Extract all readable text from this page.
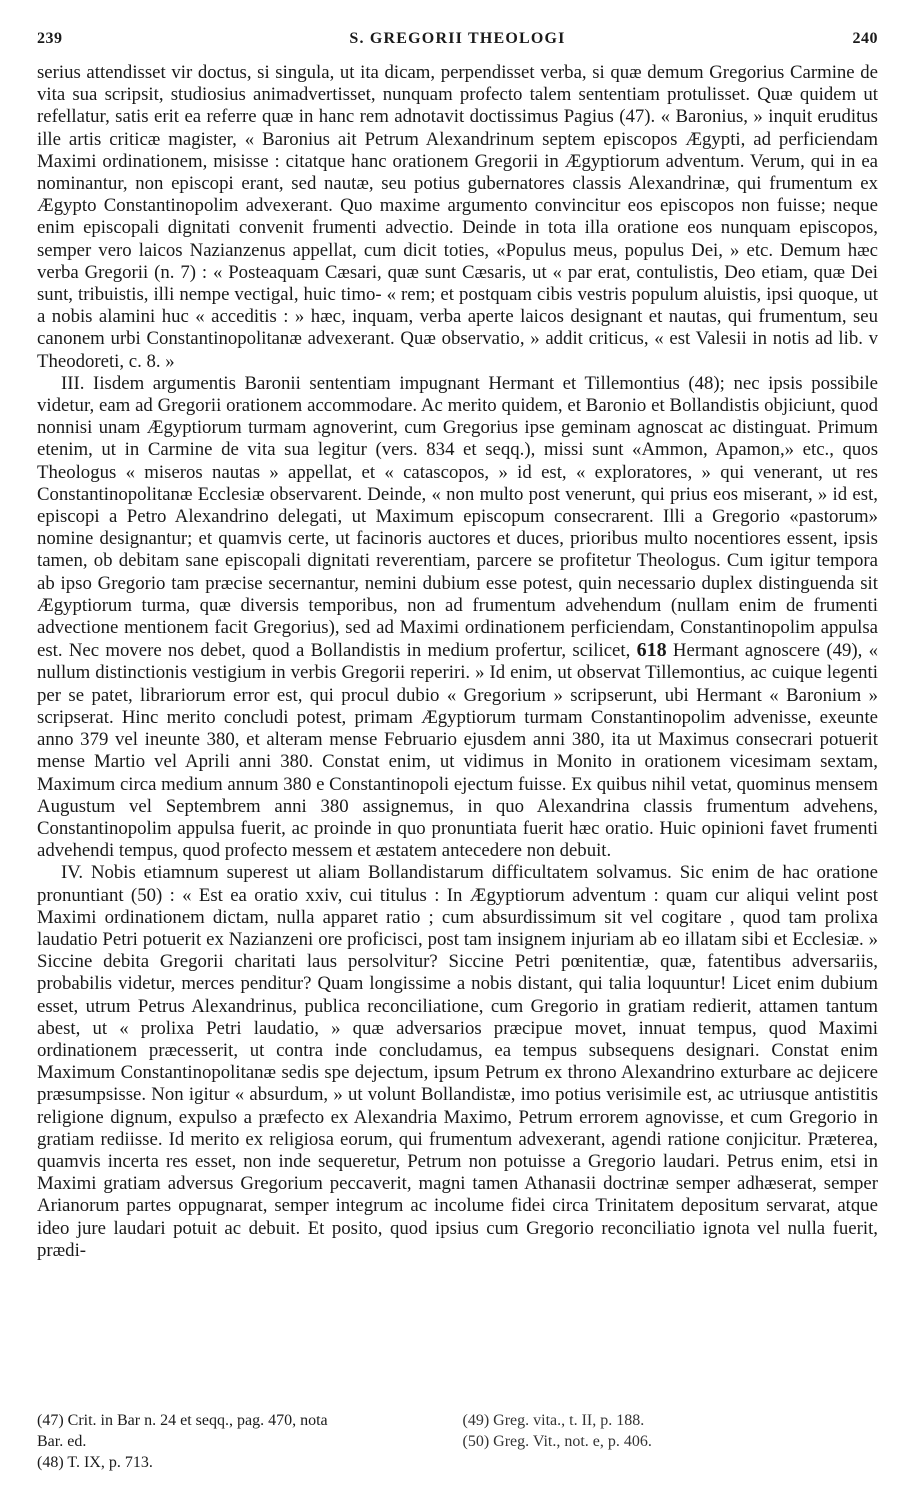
239	S. GREGORII THEOLOGI	240

serius attendisset vir doctus, si singula, ut ita dicam, perpendisset verba, si quæ demum Gregorius Carmine de vita sua scripsit, studiosius animadvertisset, nunquam profecto talem sententiam protulisset. Quæ quidem ut refellatur, satis erit ea referre quæ in hanc rem adnotavit doctissimus Pagius (47). « Baronius, » inquit eruditus ille artis criticæ magister, « Baronius ait Petrum Alexandrinum septem episcopos Ægypti, ad perficiendam Maximi ordinationem, misisse : citatque hanc orationem Gregorii in Ægyptiorum adventum. Verum, qui in ea nominantur, non episcopi erant, sed nautæ, seu potius gubernatores classis Alexandrinæ, qui frumentum ex Ægypto Constantinopolim advexerant. Quo maxime argumento convincitur eos episcopos non fuisse; neque enim episcopali dignitati convenit frumenti advectio. Deinde in tota illa oratione eos nunquam episcopos, semper vero laicos Nazianzenus appellat, cum dicit toties, «Populus meus, populus Dei, » etc. Demum hæc verba Gregorii (n. 7) : « Posteaquam Cæsari, quæ sunt Cæsaris, ut « par erat, contulistis, Deo etiam, quæ Dei sunt, tribuistis, illi nempe vectigal, huic timo- « rem; et postquam cibis vestris populum aluistis, ipsi quoque, ut a nobis alamini huc « acceditis : » hæc, inquam, verba aperte laicos designant et nautas, qui frumentum, seu canonem urbi Constantinopolitanæ advexerant. Quæ observatio, » addit criticus, « est Valesii in notis ad lib. v Theodoreti, c. 8. »

III. Iisdem argumentis Baronii sententiam impugnant Hermant et Tillemontius (48); nec ipsis possibile videtur, eam ad Gregorii orationem accommodare. Ac merito quidem, et Baronio et Bollandistis objiciunt, quod nonnisi unam Ægyptiorum turmam agnoverint, cum Gregorius ipse geminam agnoscat ac distinguat. Primum etenim, ut in Carmine de vita sua legitur (vers. 834 et seqq.), missi sunt «Ammon, Apamon,» etc., quos Theologus « miseros nautas » appellat, et « catascopos, » id est, « exploratores, » qui venerant, ut res Constantinopolitanæ Ecclesiæ observarent. Deinde, « non multo post venerunt, qui prius eos miserant, » id est, episcopi a Petro Alexandrino delegati, ut Maximum episcopum consecrarent. Illi a Gregorio «pastorum» nomine designantur; et quamvis certe, ut facinoris auctores et duces, prioribus multo nocentiores essent, ipsis tamen, ob debitam sane episcopali dignitati reverentiam, parcere se profitetur Theologus. Cum igitur tempora ab ipso Gregorio tam præcise secernantur, nemini dubium esse potest, quin necessario duplex distinguenda sit Ægyptiorum turma, quæ diversis temporibus, non ad frumentum advehendum (nullam enim de frumenti advectione mentionem facit Gregorius), sed ad Maximi ordinationem perficiendam, Constantinopolim appulsa est. Nec movere nos debet, quod a Bollandistis in medium profertur, scilicet, 618 Hermant agnoscere (49), « nullum distinctionis vestigium in verbis Gregorii reperiri. » Id enim, ut observat Tillemontius, ac cuique legenti per se patet, librariorum error est, qui procul dubio « Gregorium » scripserunt, ubi Hermant « Baronium » scripserat. Hinc merito concludi potest, primam Ægyptiorum turmam Constantinopolim advenisse, exeunte anno 379 vel ineunte 380, et alteram mense Februario ejusdem anni 380, ita ut Maximus consecrari potuerit mense Martio vel Aprili anni 380. Constat enim, ut vidimus in Monito in orationem vicesimam sextam, Maximum circa medium annum 380 e Constantinopoli ejectum fuisse. Ex quibus nihil vetat, quominus mensem Augustum vel Septembrem anni 380 assignemus, in quo Alexandrina classis frumentum advehens, Constantinopolim appulsa fuerit, ac proinde in quo pronuntiata fuerit hæc oratio. Huic opinioni favet frumenti advehendi tempus, quod profecto messem et æstatem antecedere non debuit.

IV. Nobis etiamnum superest ut aliam Bollandistarum difficultatem solvamus. Sic enim de hac oratione pronuntiant (50) : « Est ea oratio xxiv, cui titulus : In Ægyptiorum adventum : quam cur aliqui velint post Maximi ordinationem dictam, nulla apparet ratio ; cum absurdissimum sit vel cogitare , quod tam prolixa laudatio Petri potuerit ex Nazianzeni ore proficisci, post tam insignem injuriam ab eo illatam sibi et Ecclesiæ. » Siccine debita Gregorii charitati laus persolvitur? Siccine Petri pœnitentiæ, quæ, fatentibus adversariis, probabilis videtur, merces penditur? Quam longissime a nobis distant, qui talia loquuntur! Licet enim dubium esset, utrum Petrus Alexandrinus, publica reconciliatione, cum Gregorio in gratiam redierit, attamen tantum abest, ut « prolixa Petri laudatio, » quæ adversarios præcipue movet, innuat tempus, quod Maximi ordinationem præcesserit, ut contra inde concludamus, ea tempus subsequens designari. Constat enim Maximum Constantinopolitanæ sedis spe dejectum, ipsum Petrum ex throno Alexandrino exturbare ac dejicere præsumpsisse. Non igitur « absurdum, » ut volunt Bollandistæ, imo potius verisimile est, ac utriusque antistitis religione dignum, expulso a præfecto ex Alexandria Maximo, Petrum errorem agnovisse, et cum Gregorio in gratiam rediisse. Id merito ex religiosa eorum, qui frumentum advexerant, agendi ratione conjicitur. Præterea, quamvis incerta res esset, non inde sequeretur, Petrum non potuisse a Gregorio laudari. Petrus enim, etsi in Maximi gratiam adversus Gregorium peccaverit, magni tamen Athanasii doctrinæ semper adhæserat, semper Arianorum partes oppugnarat, semper integrum ac incolume fidei circa Trinitatem depositum servarat, atque ideo jure laudari potuit ac debuit. Et posito, quod ipsius cum Gregorio reconciliatio ignota vel nulla fuerit, prædi-

(47) Crit. in Bar n. 24 et seqq., pag. 470, nota
Bar. ed.
(48) T. IX, p. 713.
(49) Greg. vita., t. II, p. 188.
(50) Greg. Vit., not. e, p. 406.
